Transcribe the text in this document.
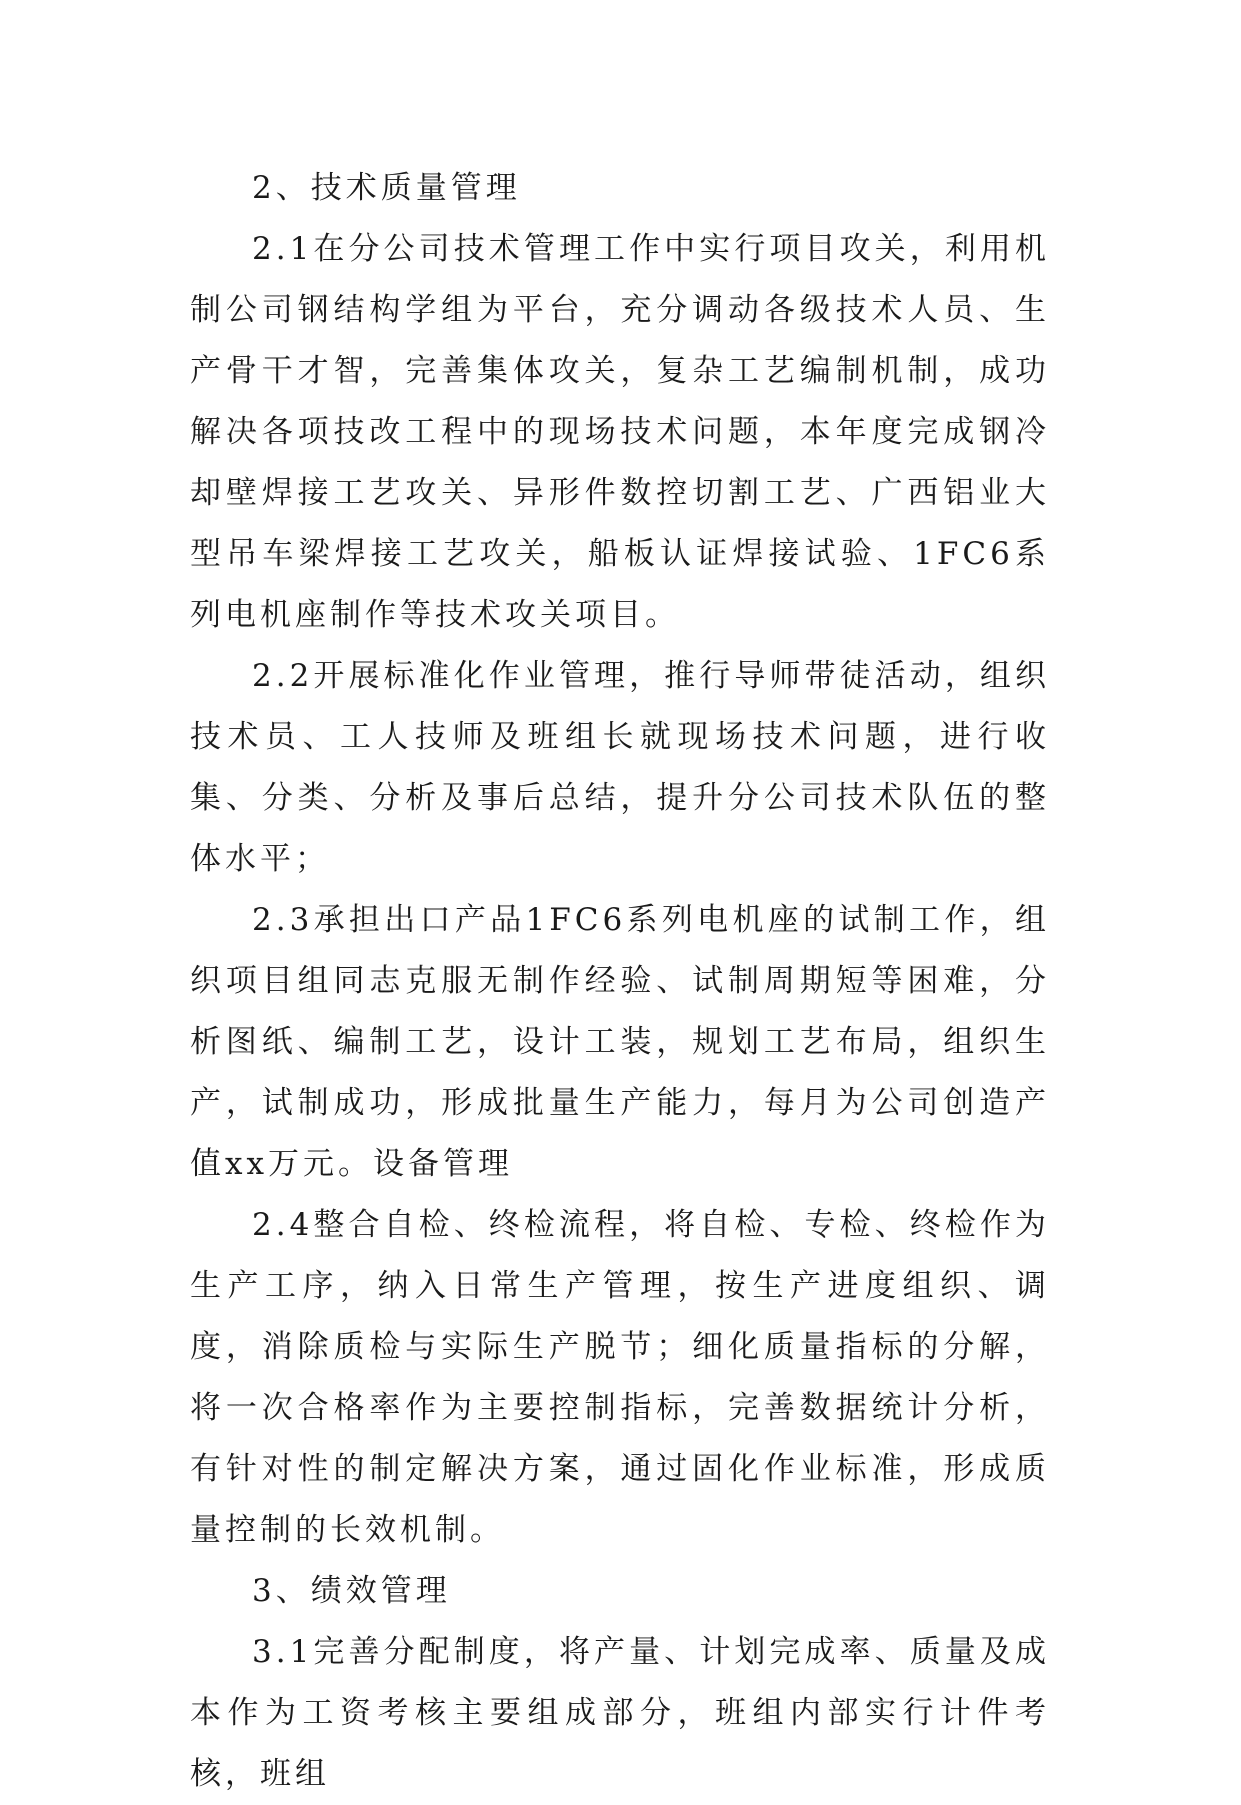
2、技术质量管理

2.1在分公司技术管理工作中实行项目攻关，利用机制公司钢结构学组为平台，充分调动各级技术人员、生产骨干才智，完善集体攻关，复杂工艺编制机制，成功解决各项技改工程中的现场技术问题，本年度完成钢冷却壁焊接工艺攻关、异形件数控切割工艺、广西铝业大型吊车梁焊接工艺攻关，船板认证焊接试验、1FC6系列电机座制作等技术攻关项目。

2.2开展标准化作业管理，推行导师带徒活动，组织技术员、工人技师及班组长就现场技术问题，进行收集、分类、分析及事后总结，提升分公司技术队伍的整体水平；

2.3承担出口产品1FC6系列电机座的试制工作，组织项目组同志克服无制作经验、试制周期短等困难，分析图纸、编制工艺，设计工装，规划工艺布局，组织生产，试制成功，形成批量生产能力，每月为公司创造产值xx万元。设备管理

2.4整合自检、终检流程，将自检、专检、终检作为生产工序，纳入日常生产管理，按生产进度组织、调度，消除质检与实际生产脱节；细化质量指标的分解，将一次合格率作为主要控制指标，完善数据统计分析，有针对性的制定解决方案，通过固化作业标准，形成质量控制的长效机制。

3、绩效管理

3.1完善分配制度，将产量、计划完成率、质量及成本作为工资考核主要组成部分，班组内部实行计件考核，班组
